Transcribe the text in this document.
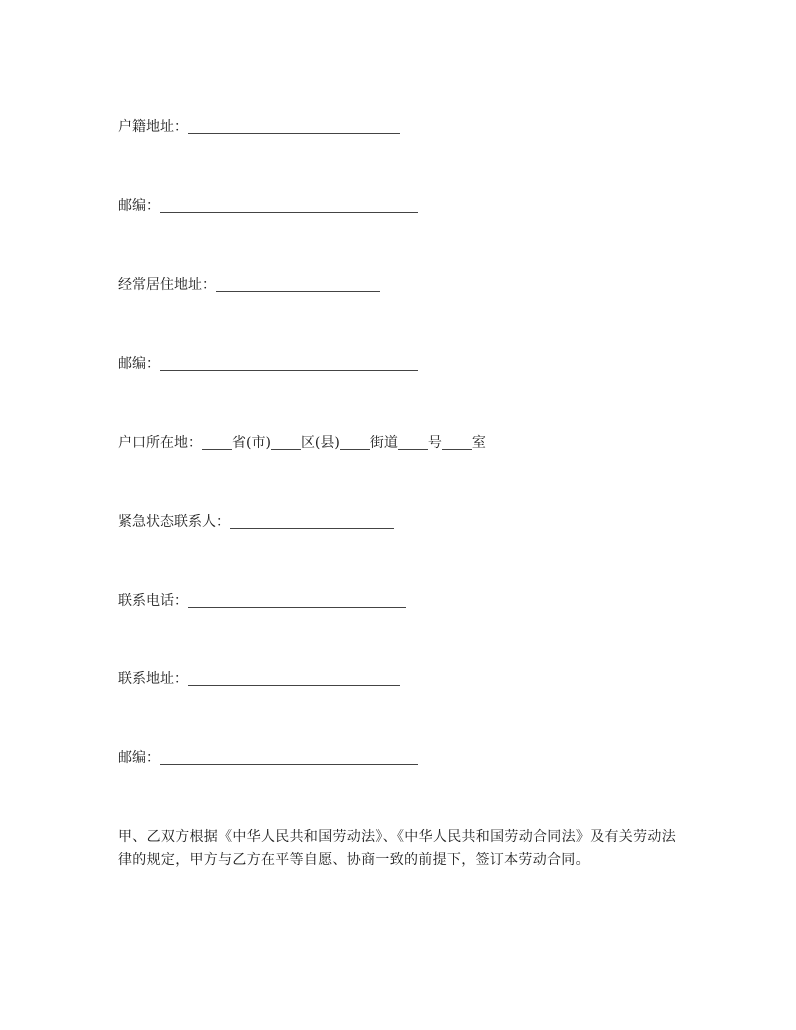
户籍地址：
邮编：
经常居住地址：
邮编：
户口所在地： 省(市) 区(县) 街道 号 室
紧急状态联系人：
联系电话：
联系地址：
邮编：
甲、乙双方根据《中华人民共和国劳动法》、《中华人民共和国劳动合同法》及有关劳动法律的规定，甲方与乙方在平等自愿、协商一致的前提下，签订本劳动合同。
